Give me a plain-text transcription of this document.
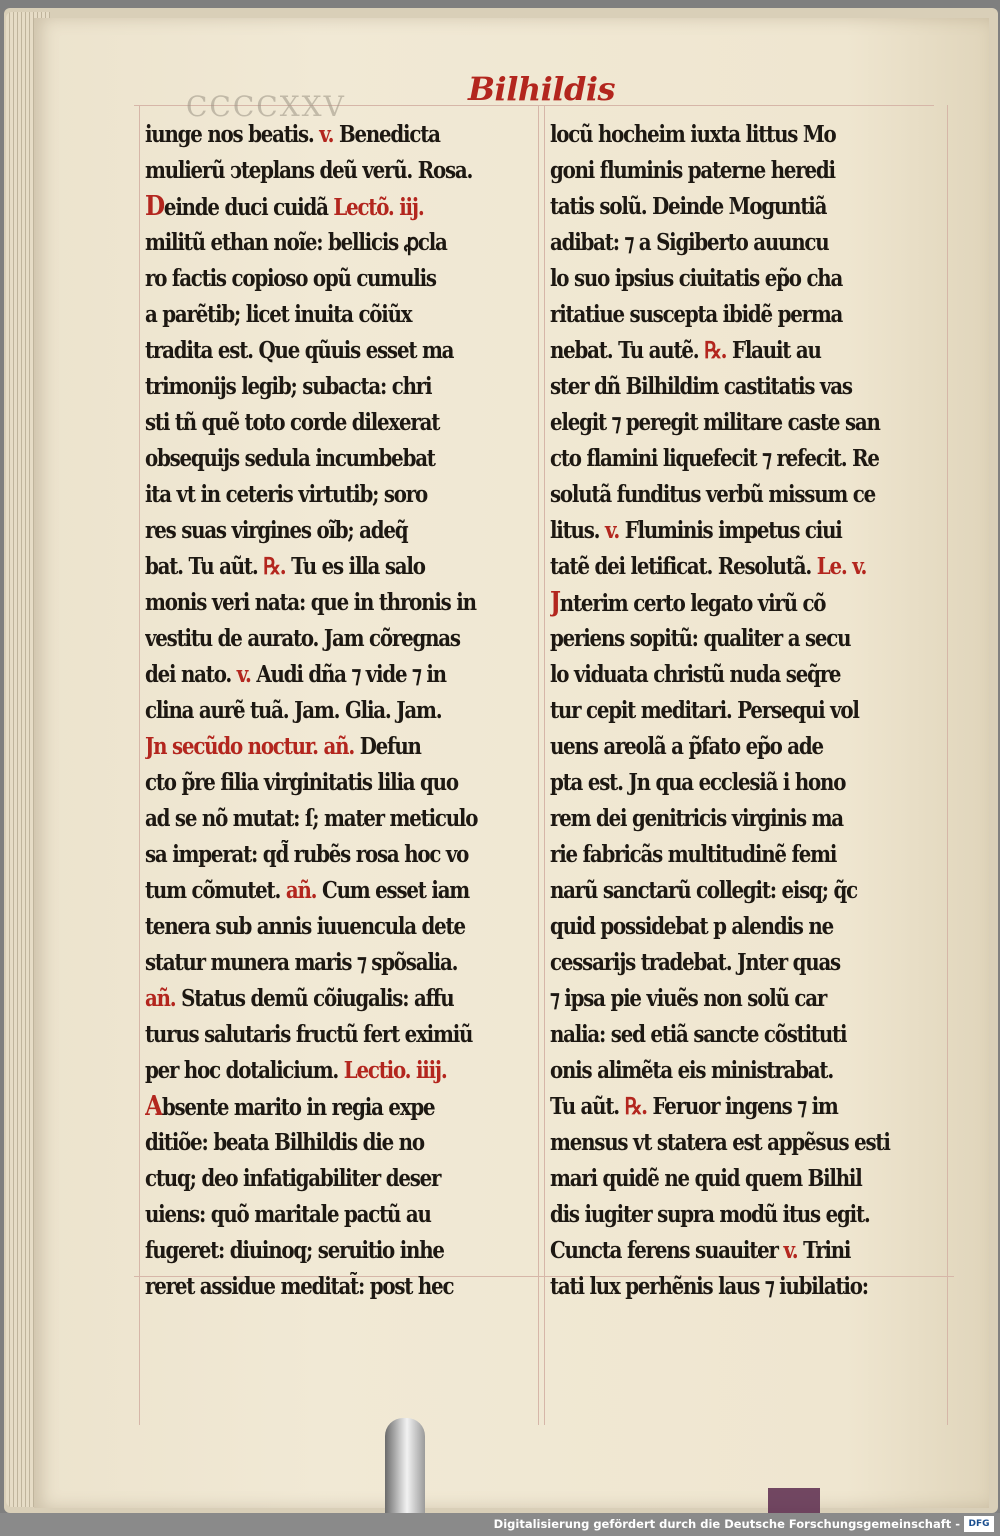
CCCCXXV	Bilhildis
iunge nos beatis. v. Benedicta
mulierũ ↄteplans deũ verũ. Rosa.
Deinde duci cuidã Lectõ. iij.
militũ ethan noĩe: bellicis ꝓcla
ro factis copioso opũ cumulis
a parẽtib; licet inuita cõiũx
tradita est. Que qũuis esset ma
trimonijs legib; subacta: chri
sti tñ quẽ toto corde dilexerat
obsequijs sedula incumbebat
ita vt in ceteris virtutib; soro
res suas virgines oĩb; adeq̃
bat. Tu aũt. ℞. Tu es illa salo
monis veri nata: que in thronis in
vestitu de aurato. Jam cõregnas
dei nato. v. Audi dña ⁊ vide ⁊ in
clina aurẽ tuã. Jam. Glia. Jam.
Jn secũdo noctur. añ. Defun
cto p̃re filia virginitatis lilia quo
ad se nõ mutat: ſ; mater meticulo
sa imperat: qd̃ rubẽs rosa hoc vo
tum cõmutet. añ. Cum esset iam
tenera sub annis iuuencula dete
statur munera maris ⁊ spõsalia.
añ. Status demũ cõiugalis: affu
turus salutaris fructũ fert eximiũ
per hoc dotalicium. Lectio. iiij.
Absente marito in regia expe
ditiõe: beata Bilhildis die no
ctuq; deo infatigabiliter deser
uiens: quõ maritale pactũ au
fugeret: diuinoq; seruitio inhe
reret assidue meditat̃: post hec
locũ hocheim iuxta littus Mo
goni fluminis paterne heredi
tatis solũ. Deinde Moguntiã
adibat: ⁊ a Sigiberto auuncu
lo suo ipsius ciuitatis ep̃o cha
ritatiue suscepta ibidẽ perma
nebat. Tu autẽ. ℞. Flauit au
ster dñ Bilhildim castitatis vas
elegit ⁊ peregit militare caste san
cto flamini liquefecit ⁊ refecit. Re
solutã funditus verbũ missum ce
litus. v. Fluminis impetus ciui
tatẽ dei letificat. Resolutã. Le. v.
Jnterim certo legato virũ cõ
periens sopitũ: qualiter a secu
lo viduata christũ nuda seq̃re
tur cepit meditari. Persequi vol
uens areolã a p̃fato ep̃o ade
pta est. Jn qua ecclesiã i hono
rem dei genitricis virginis ma
rie fabricãs multitudinẽ femi
narũ sanctarũ collegit: eisq; q̃c
quid possidebat p alendis ne
cessarijs tradebat. Jnter quas
⁊ ipsa pie viuẽs non solũ car
nalia: sed etiã sancte cõstituti
onis alimẽta eis ministrabat.
Tu aũt. ℞. Feruor ingens ⁊ im
mensus vt statera est appẽsus esti
mari quidẽ ne quid quem Bilhil
dis iugiter supra modũ itus egit.
Cuncta ferens suauiter v. Trini
tati lux perhẽnis laus ⁊ iubilatio:
Digitalisierung gefördert durch die Deutsche Forschungsgemeinschaft - DFG
